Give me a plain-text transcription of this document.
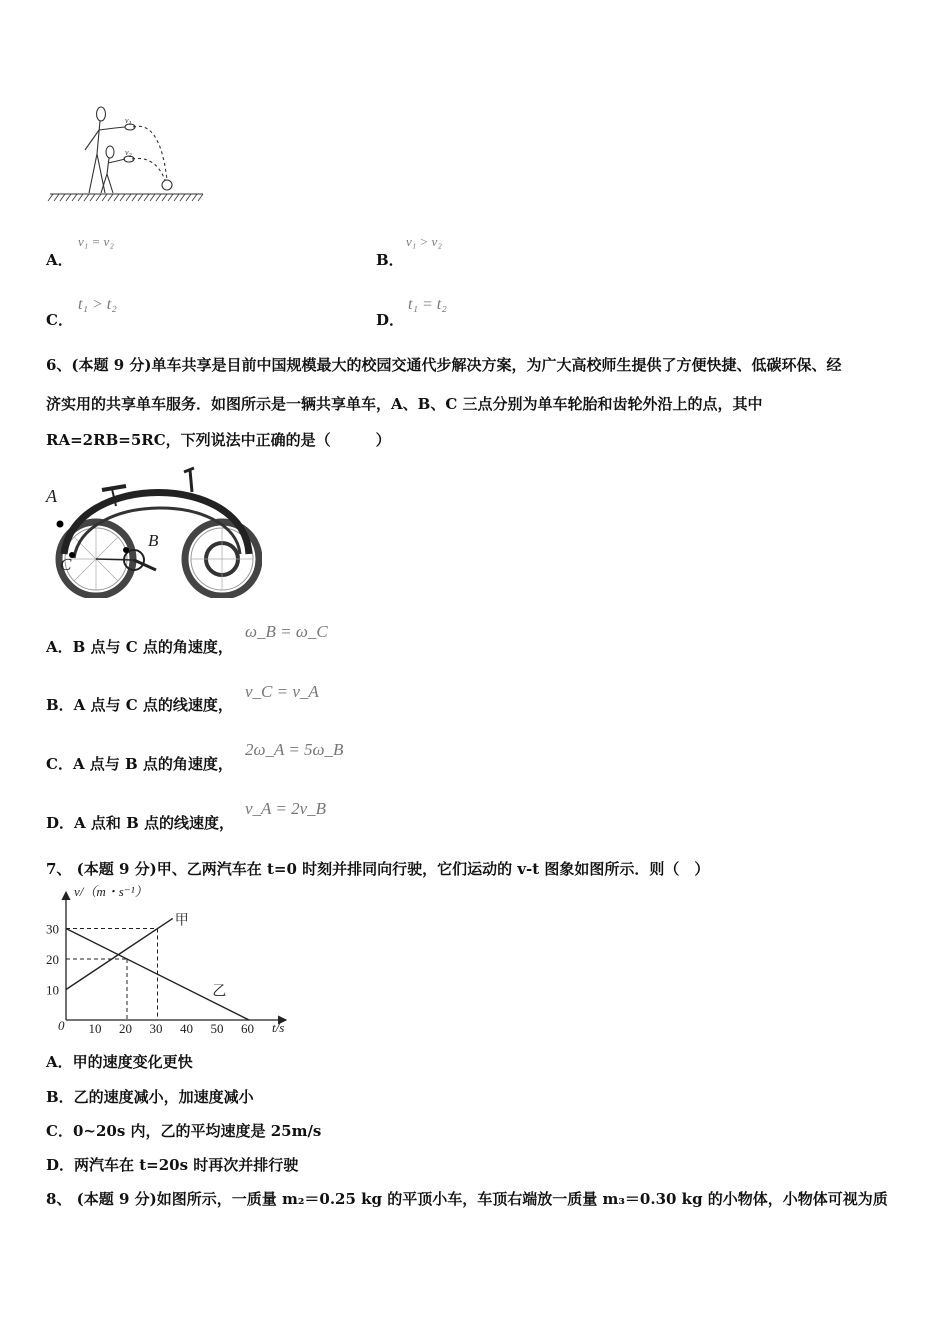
$v_1$
$v_2$
A．
v₁ = v₂
B．
v₁ > v₂
C．
t₁ > t₂
D．
t₁ = t₂
6、(本题 9 分)单车共享是目前中国规模最大的校园交通代步解决方案，为广大高校师生提供了方便快捷、低碳环保、经
济实用的共享单车服务．如图所示是一辆共享单车，A、B、C 三点分别为单车轮胎和齿轮外沿上的点，其中
RA=2RB=5RC，下列说法中正确的是（　　　）
A
B
C
A．B 点与 C 点的角速度，
ω_B = ω_C
B．A 点与 C 点的线速度，
v_C = v_A
C．A 点与 B 点的角速度，
2ω_A = 5ω_B
D．A 点和 B 点的线速度，
v_A = 2v_B
7、 (本题 9 分)甲、乙两汽车在 t=0 时刻并排同向行驶，它们运动的 v-t 图象如图所示．则（　）
v/（m・s⁻¹）
t/s
0 10 20 30 40 50 60
10
20
30
甲
乙
A．甲的速度变化更快
B．乙的速度减小，加速度减小
C．0~20s 内，乙的平均速度是 25m/s
D．两汽车在 t=20s 时再次并排行驶
8、 (本题 9 分)如图所示，一质量 m₂＝0.25 kg 的平顶小车，车顶右端放一质量 m₃＝0.30 kg 的小物体，小物体可视为质
